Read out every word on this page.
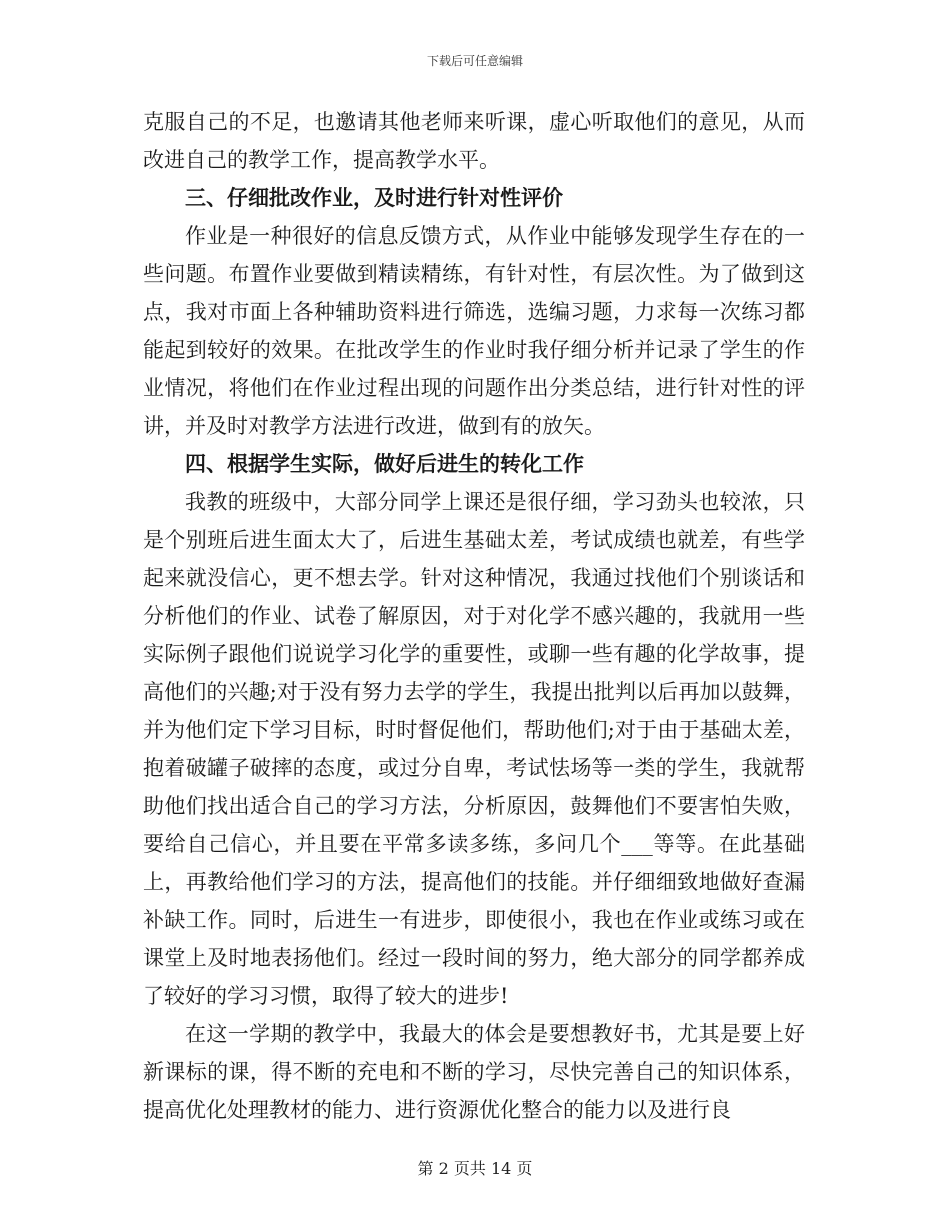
下载后可任意编辑

克服自己的不足，也邀请其他老师来听课，虚心听取他们的意见，从而改进自己的教学工作，提高教学水平。

三、仔细批改作业，及时进行针对性评价

作业是一种很好的信息反馈方式，从作业中能够发现学生存在的一些问题。布置作业要做到精读精练，有针对性，有层次性。为了做到这点，我对市面上各种辅助资料进行筛选，选编习题，力求每一次练习都能起到较好的效果。在批改学生的作业时我仔细分析并记录了学生的作业情况，将他们在作业过程出现的问题作出分类总结，进行针对性的评讲，并及时对教学方法进行改进，做到有的放矢。

四、根据学生实际，做好后进生的转化工作

我教的班级中，大部分同学上课还是很仔细，学习劲头也较浓，只是个别班后进生面太大了，后进生基础太差，考试成绩也就差，有些学起来就没信心，更不想去学。针对这种情况，我通过找他们个别谈话和分析他们的作业、试卷了解原因，对于对化学不感兴趣的，我就用一些实际例子跟他们说说学习化学的重要性，或聊一些有趣的化学故事，提高他们的兴趣;对于没有努力去学的学生，我提出批判以后再加以鼓舞，并为他们定下学习目标，时时督促他们，帮助他们;对于由于基础太差，抱着破罐子破摔的态度，或过分自卑，考试怯场等一类的学生，我就帮助他们找出适合自己的学习方法，分析原因，鼓舞他们不要害怕失败，要给自己信心，并且要在平常多读多练，多问几个___等等。在此基础上，再教给他们学习的方法，提高他们的技能。并仔细细致地做好查漏补缺工作。同时，后进生一有进步，即使很小，我也在作业或练习或在课堂上及时地表扬他们。经过一段时间的努力，绝大部分的同学都养成了较好的学习习惯，取得了较大的进步!

在这一学期的教学中，我最大的体会是要想教好书，尤其是要上好新课标的课，得不断的充电和不断的学习，尽快完善自己的知识体系，提高优化处理教材的能力、进行资源优化整合的能力以及进行良

第 2 页共 14 页
